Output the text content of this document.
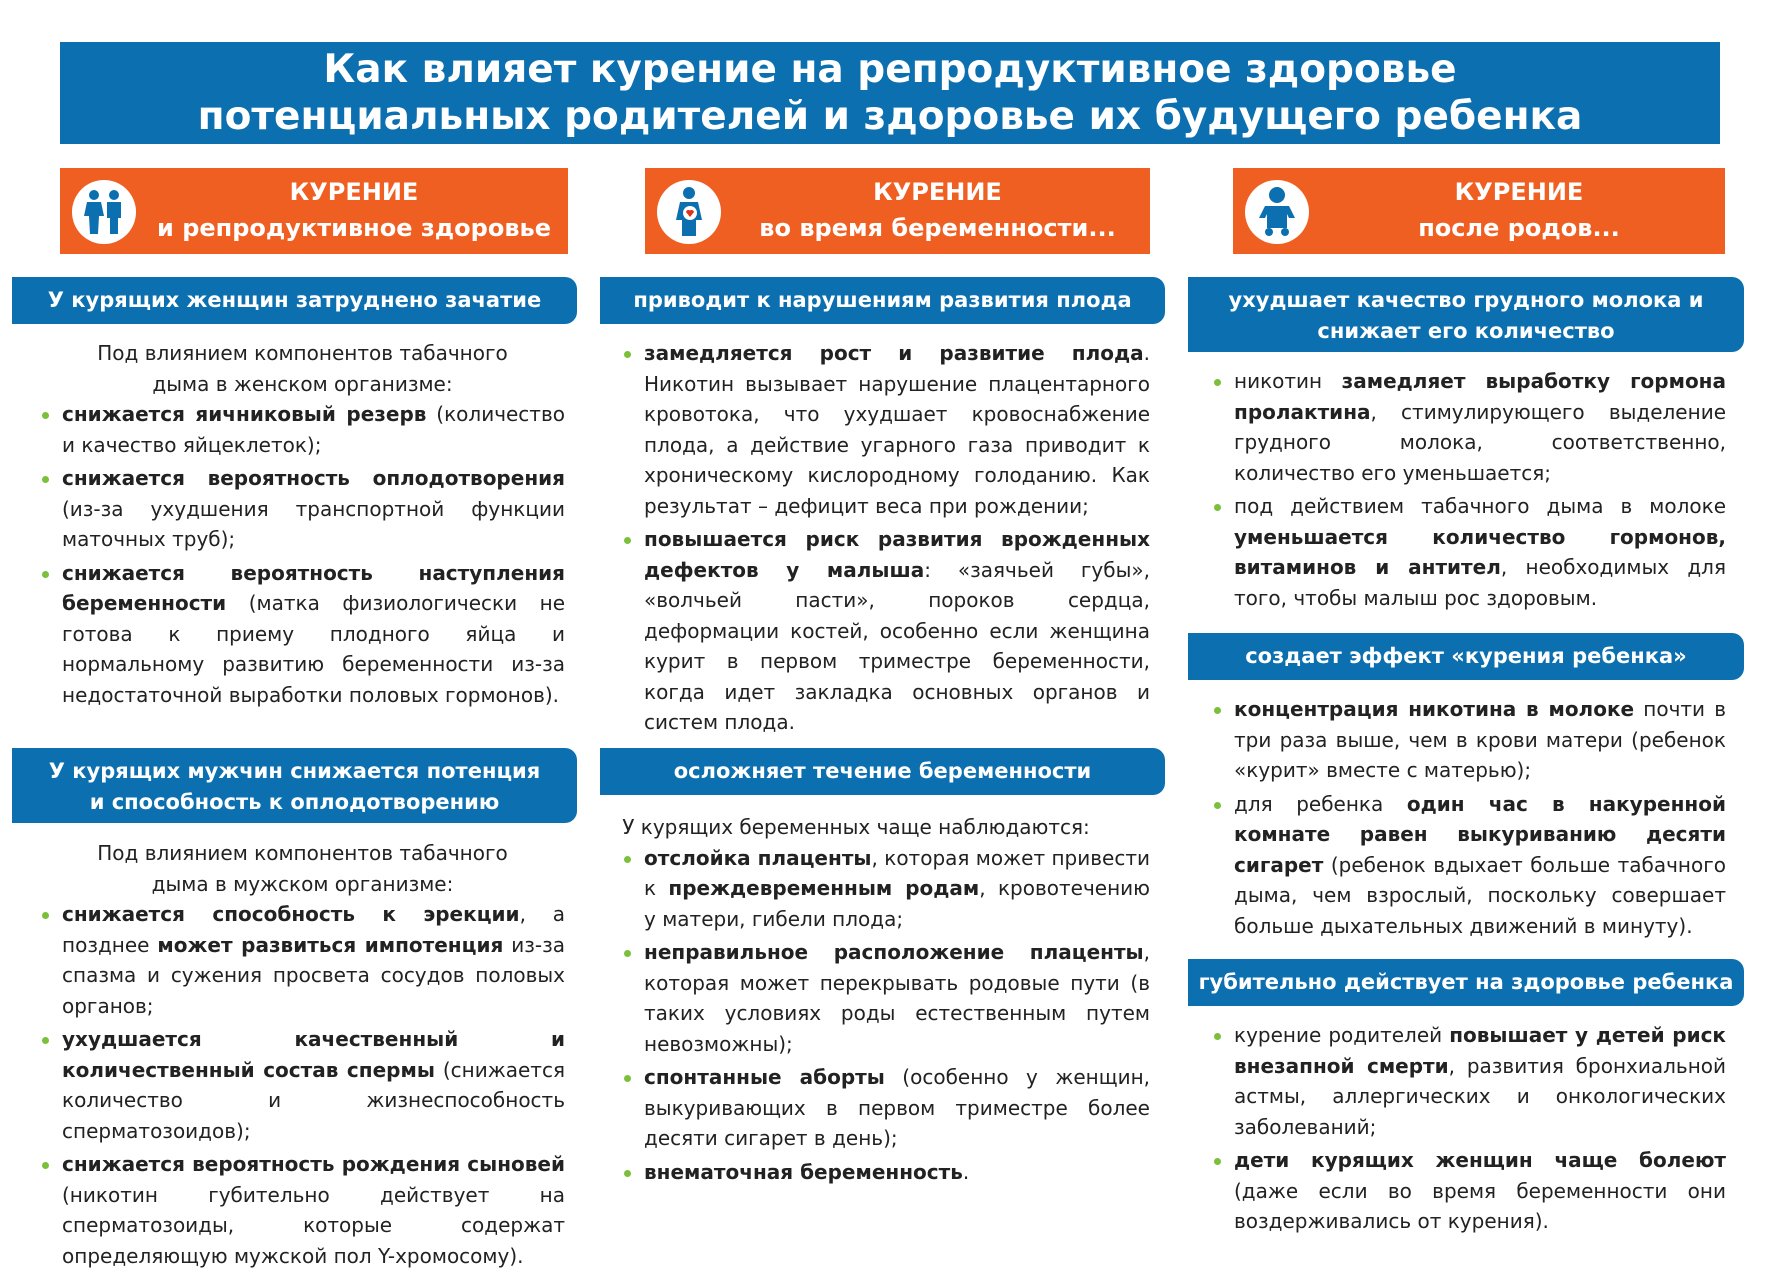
Как влияет курение на репродуктивное здоровье
потенциальных родителей и здоровье их будущего ребенка
КУРЕНИЕ
и репродуктивное здоровье
КУРЕНИЕ
во время беременности...
КУРЕНИЕ
после родов...
У курящих женщин затруднено зачатие

Под влиянием компонентов табачного дыма в женском организме:

снижается яичниковый резерв (количество и качество яйцеклеток);
снижается вероятность оплодотворения (из-за ухудшения транспортной функции маточных труб);
снижается вероятность наступления беременности (матка физиологически не готова к приему плодного яйца и нормальному развитию беременности из-за недостаточной выработки половых гормонов).
У курящих мужчин снижается потенция и способность к оплодотворению

Под влиянием компонентов табачного дыма в мужском организме:

снижается способность к эрекции, а позднее может развиться импотенция из-за спазма и сужения просвета сосудов половых органов;
ухудшается качественный и количественный состав спермы (снижается количество и жизнеспособность сперматозоидов);
снижается вероятность рождения сыновей (никотин губительно действует на сперматозоиды, которые содержат определяющую мужской пол Y-хромосому).
приводит к нарушениям развития плода
замедляется рост и развитие плода. Никотин вызывает нарушение плацентарного кровотока, что ухудшает кровоснабжение плода, а действие угарного газа приводит к хроническому кислородному голоданию. Как результат – дефицит веса при рождении;
повышается риск развития врожденных дефектов у малыша: «заячьей губы», «волчьей пасти», пороков сердца, деформации костей, особенно если женщина курит в первом триместре беременности, когда идет закладка основных органов и систем плода.
осложняет течение беременности

У курящих беременных чаще наблюдаются:

отслойка плаценты, которая может привести к преждевременным родам, кровотечению у матери, гибели плода;
неправильное расположение плаценты, которая может перекрывать родовые пути (в таких условиях роды естественным путем невозможны);
спонтанные аборты (особенно у женщин, выкуривающих в первом триместре более десяти сигарет в день);
внематочная беременность.
ухудшает качество грудного молока и снижает его количество
никотин замедляет выработку гормона пролактина, стимулирующего выделение грудного молока, соответственно, количество его уменьшается;
под действием табачного дыма в молоке уменьшается количество гормонов, витаминов и антител, необходимых для того, чтобы малыш рос здоровым.
создает эффект «курения ребенка»
концентрация никотина в молоке почти в три раза выше, чем в крови матери (ребенок «курит» вместе с матерью);
для ребенка один час в накуренной комнате равен выкуриванию десяти сигарет (ребенок вдыхает больше табачного дыма, чем взрослый, поскольку совершает больше дыхательных движений в минуту).
губительно действует на здоровье ребенка
курение родителей повышает у детей риск внезапной смерти, развития бронхиальной астмы, аллергических и онкологических заболеваний;
дети курящих женщин чаще болеют (даже если во время беременности они воздерживались от курения).
